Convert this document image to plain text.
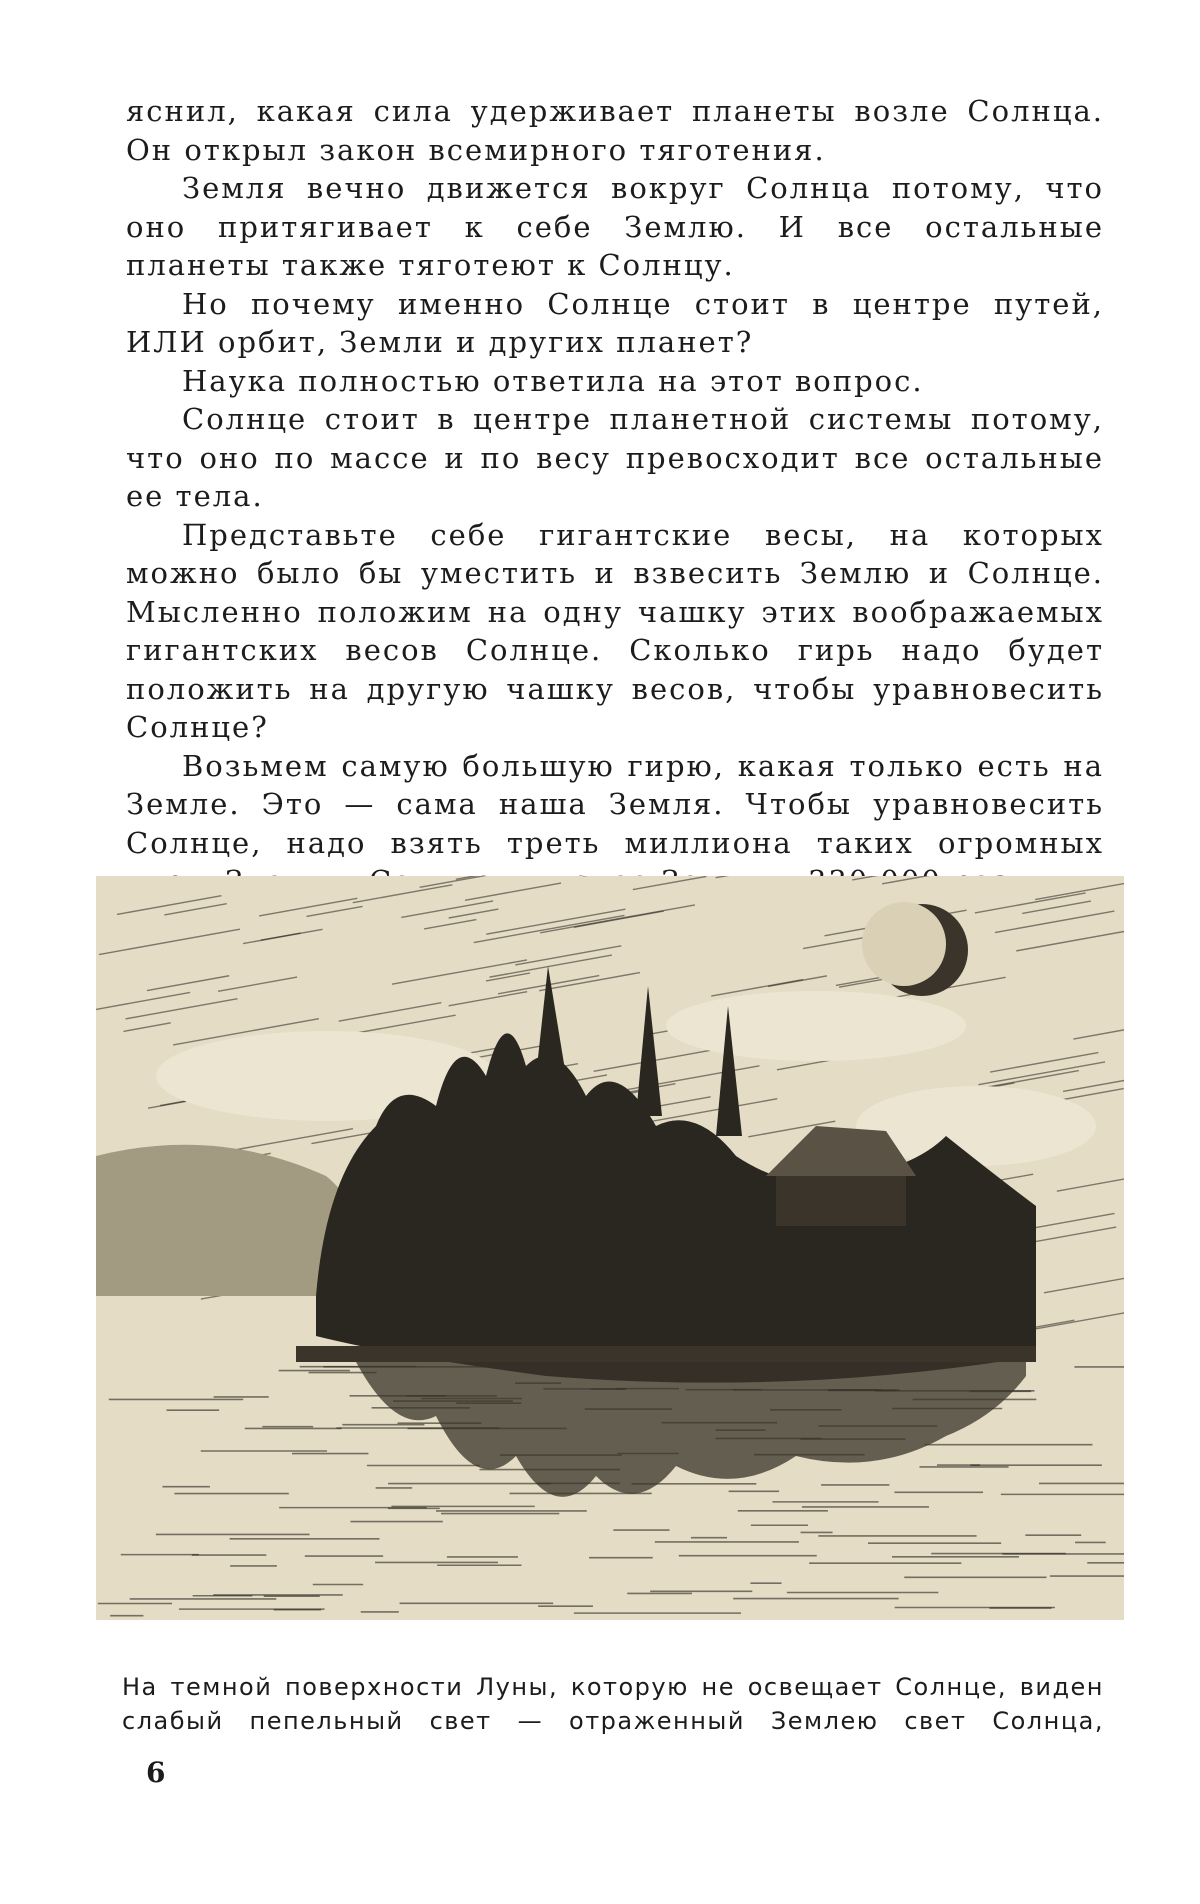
яснил, какая сила удерживает планеты возле Солнца. Он открыл закон всемирного тяготения.

Земля вечно движется вокруг Солнца потому, что оно притягивает к себе Землю. И все остальные планеты также тяготеют к Солнцу.

Но почему именно Солнце стоит в центре путей, ИЛИ орбит, Земли и других планет?

Наука полностью ответила на этот вопрос.

Солнце стоит в центре планетной системы потому, что оно по массе и по весу превосходит все остальные ее тела.

Представьте себе гигантские весы, на которых можно было бы уместить и взвесить Землю и Солнце. Мысленно положим на одну чашку этих воображаемых гигантских весов Солнце. Сколько гирь надо будет положить на другую чашку весов, чтобы уравновесить Солнце?

Возьмем самую большую гирю, какая только есть на Земле. Это — сама наша Земля. Чтобы уравновесить Солнце, надо взять треть миллиона таких огромных

На темной поверхности Луны, которую не освещает Солнце, виден слабый пепельный свет — отраженный Землею свет Солнца,
6
